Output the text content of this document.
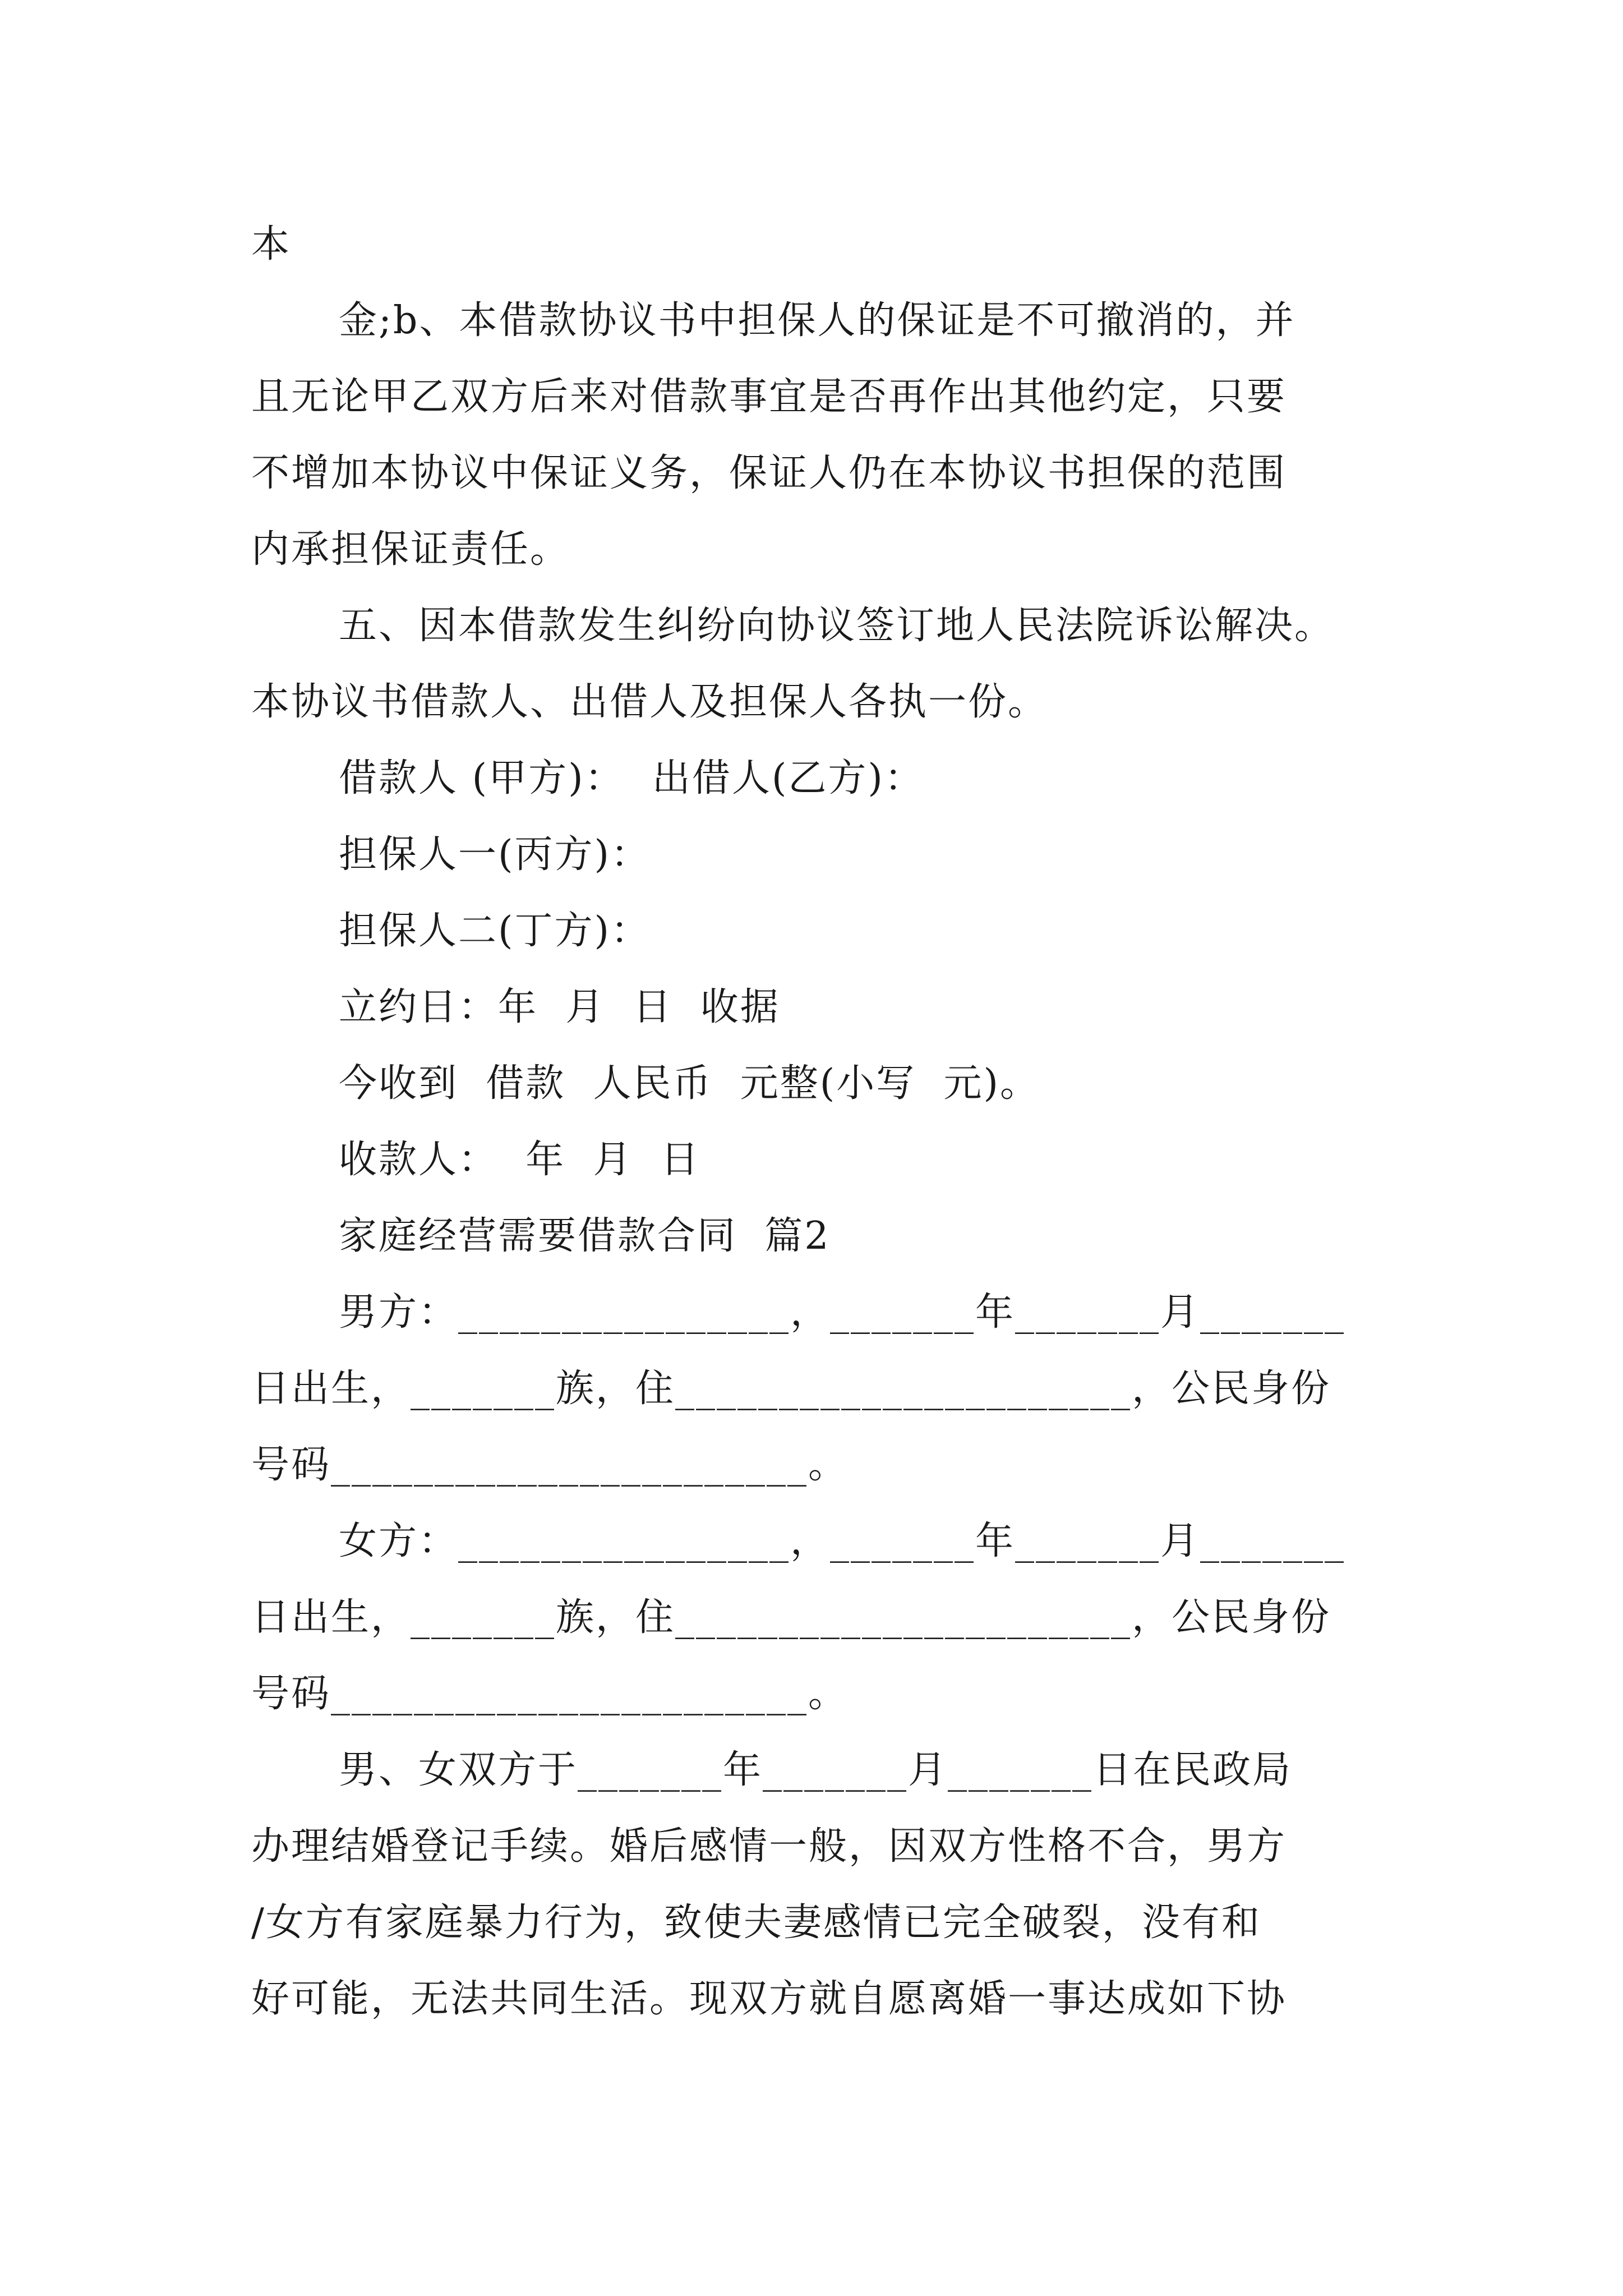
本
金;b、本借款协议书中担保人的保证是不可撤消的，并
且无论甲乙双方后来对借款事宜是否再作出其他约定，只要
不增加本协议中保证义务，保证人仍在本协议书担保的范围
内承担保证责任。
五、因本借款发生纠纷向协议签订地人民法院诉讼解决。
本协议书借款人、出借人及担保人各执一份。
借款人 (甲方)：  出借人(乙方)：
担保人一(丙方)：
担保人二(丁方)：
立约日：年  月  日  收据
今收到  借款  人民币  元整(小写  元)。
收款人：  年  月  日
家庭经营需要借款合同  篇2
男方：________________，_______年_______月_______
日出生，_______族，住______________________，公民身份
号码_______________________。
女方：________________，_______年_______月_______
日出生，_______族，住______________________，公民身份
号码_______________________。
男、女双方于_______年_______月_______日在民政局
办理结婚登记手续。婚后感情一般，因双方性格不合，男方
/女方有家庭暴力行为，致使夫妻感情已完全破裂，没有和
好可能，无法共同生活。现双方就自愿离婚一事达成如下协
